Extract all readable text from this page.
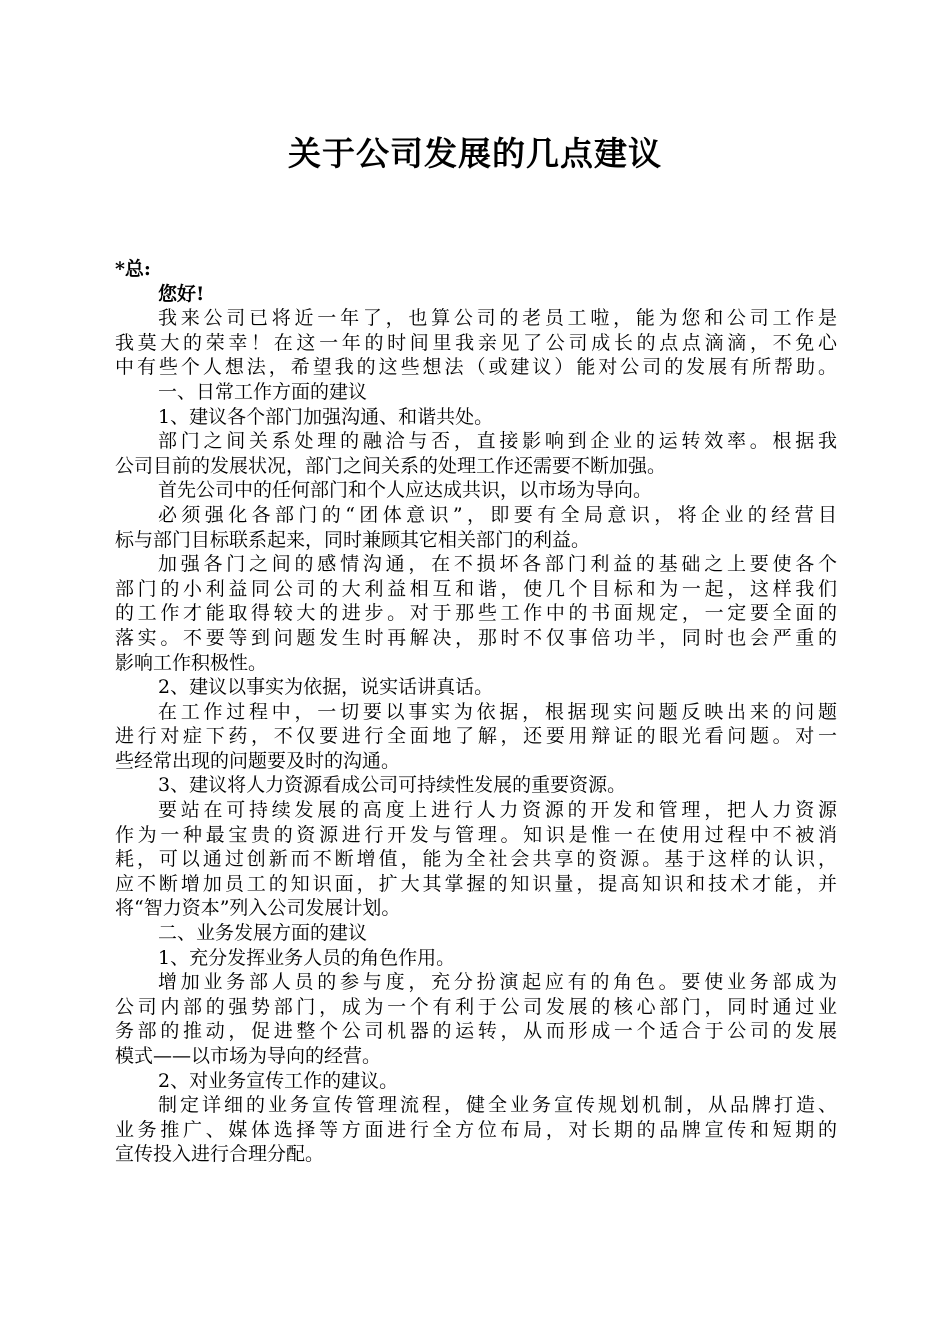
关于公司发展的几点建议
*总:
您好!
我来公司已将近一年了，也算公司的老员工啦，能为您和公司工作是
我莫大的荣幸！在这一年的时间里我亲见了公司成长的点点滴滴，不免心
中有些个人想法，希望我的这些想法（或建议）能对公司的发展有所帮助。
一、日常工作方面的建议
1、建议各个部门加强沟通、和谐共处。
部门之间关系处理的融洽与否，直接影响到企业的运转效率。根据我
公司目前的发展状况，部门之间关系的处理工作还需要不断加强。
首先公司中的任何部门和个人应达成共识，以市场为导向。
必须强化各部门的“团体意识”，即要有全局意识，将企业的经营目
标与部门目标联系起来，同时兼顾其它相关部门的利益。
加强各门之间的感情沟通，在不损坏各部门利益的基础之上要使各个
部门的小利益同公司的大利益相互和谐，使几个目标和为一起，这样我们
的工作才能取得较大的进步。对于那些工作中的书面规定，一定要全面的
落实。不要等到问题发生时再解决，那时不仅事倍功半，同时也会严重的
影响工作积极性。
2、建议以事实为依据，说实话讲真话。
在工作过程中，一切要以事实为依据，根据现实问题反映出来的问题
进行对症下药，不仅要进行全面地了解，还要用辩证的眼光看问题。对一
些经常出现的问题要及时的沟通。
3、建议将人力资源看成公司可持续性发展的重要资源。
要站在可持续发展的高度上进行人力资源的开发和管理，把人力资源
作为一种最宝贵的资源进行开发与管理。知识是惟一在使用过程中不被消
耗，可以通过创新而不断增值，能为全社会共享的资源。基于这样的认识，
应不断增加员工的知识面，扩大其掌握的知识量，提高知识和技术才能，并
将“智力资本”列入公司发展计划。
二、业务发展方面的建议
1、充分发挥业务人员的角色作用。
增加业务部人员的参与度，充分扮演起应有的角色。要使业务部成为
公司内部的强势部门，成为一个有利于公司发展的核心部门，同时通过业
务部的推动，促进整个公司机器的运转，从而形成一个适合于公司的发展
模式——以市场为导向的经营。
2、对业务宣传工作的建议。
制定详细的业务宣传管理流程，健全业务宣传规划机制，从品牌打造、
业务推广、媒体选择等方面进行全方位布局，对长期的品牌宣传和短期的
宣传投入进行合理分配。
